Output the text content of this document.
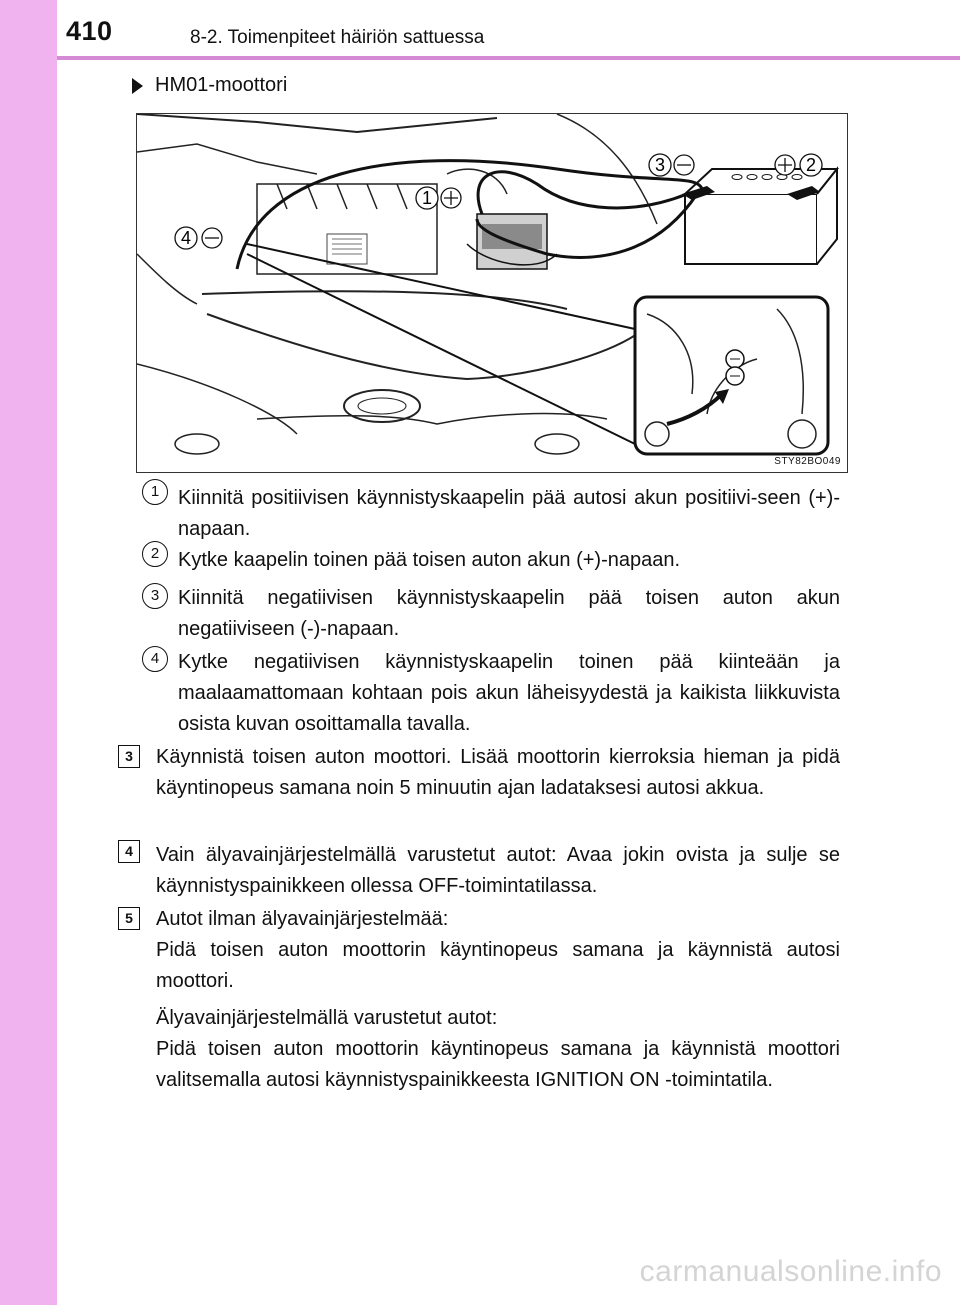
410	8-2. Toimenpiteet häiriön sattuessa
HM01-moottori
1
2
3
4
STY82BO049
1 Kiinnitä positiivisen käynnistyskaapelin pää autosi akun positiivi-seen (+)-napaan.
2 Kytke kaapelin toinen pää toisen auton akun (+)-napaan.
3 Kiinnitä negatiivisen käynnistyskaapelin pää toisen auton akun negatiiviseen (-)-napaan.
4 Kytke negatiivisen käynnistyskaapelin toinen pää kiinteään ja maalaamattomaan kohtaan pois akun läheisyydestä ja kaikista liikkuvista osista kuvan osoittamalla tavalla.
3	Käynnistä toisen auton moottori. Lisää moottorin kierroksia hieman ja pidä käyntinopeus samana noin 5 minuutin ajan ladataksesi autosi akkua.
4	Vain älyavainjärjestelmällä varustetut autot: Avaa jokin ovista ja sulje se käynnistyspainikkeen ollessa OFF-toimintatilassa.
5	Autot ilman älyavainjärjestelmää:
Pidä toisen auton moottorin käyntinopeus samana ja käynnistä autosi moottori.
Älyavainjärjestelmällä varustetut autot:
Pidä toisen auton moottorin käyntinopeus samana ja käynnistä moottori valitsemalla autosi käynnistyspainikkeesta IGNITION ON -toimintatila.
carmanualsonline.info
